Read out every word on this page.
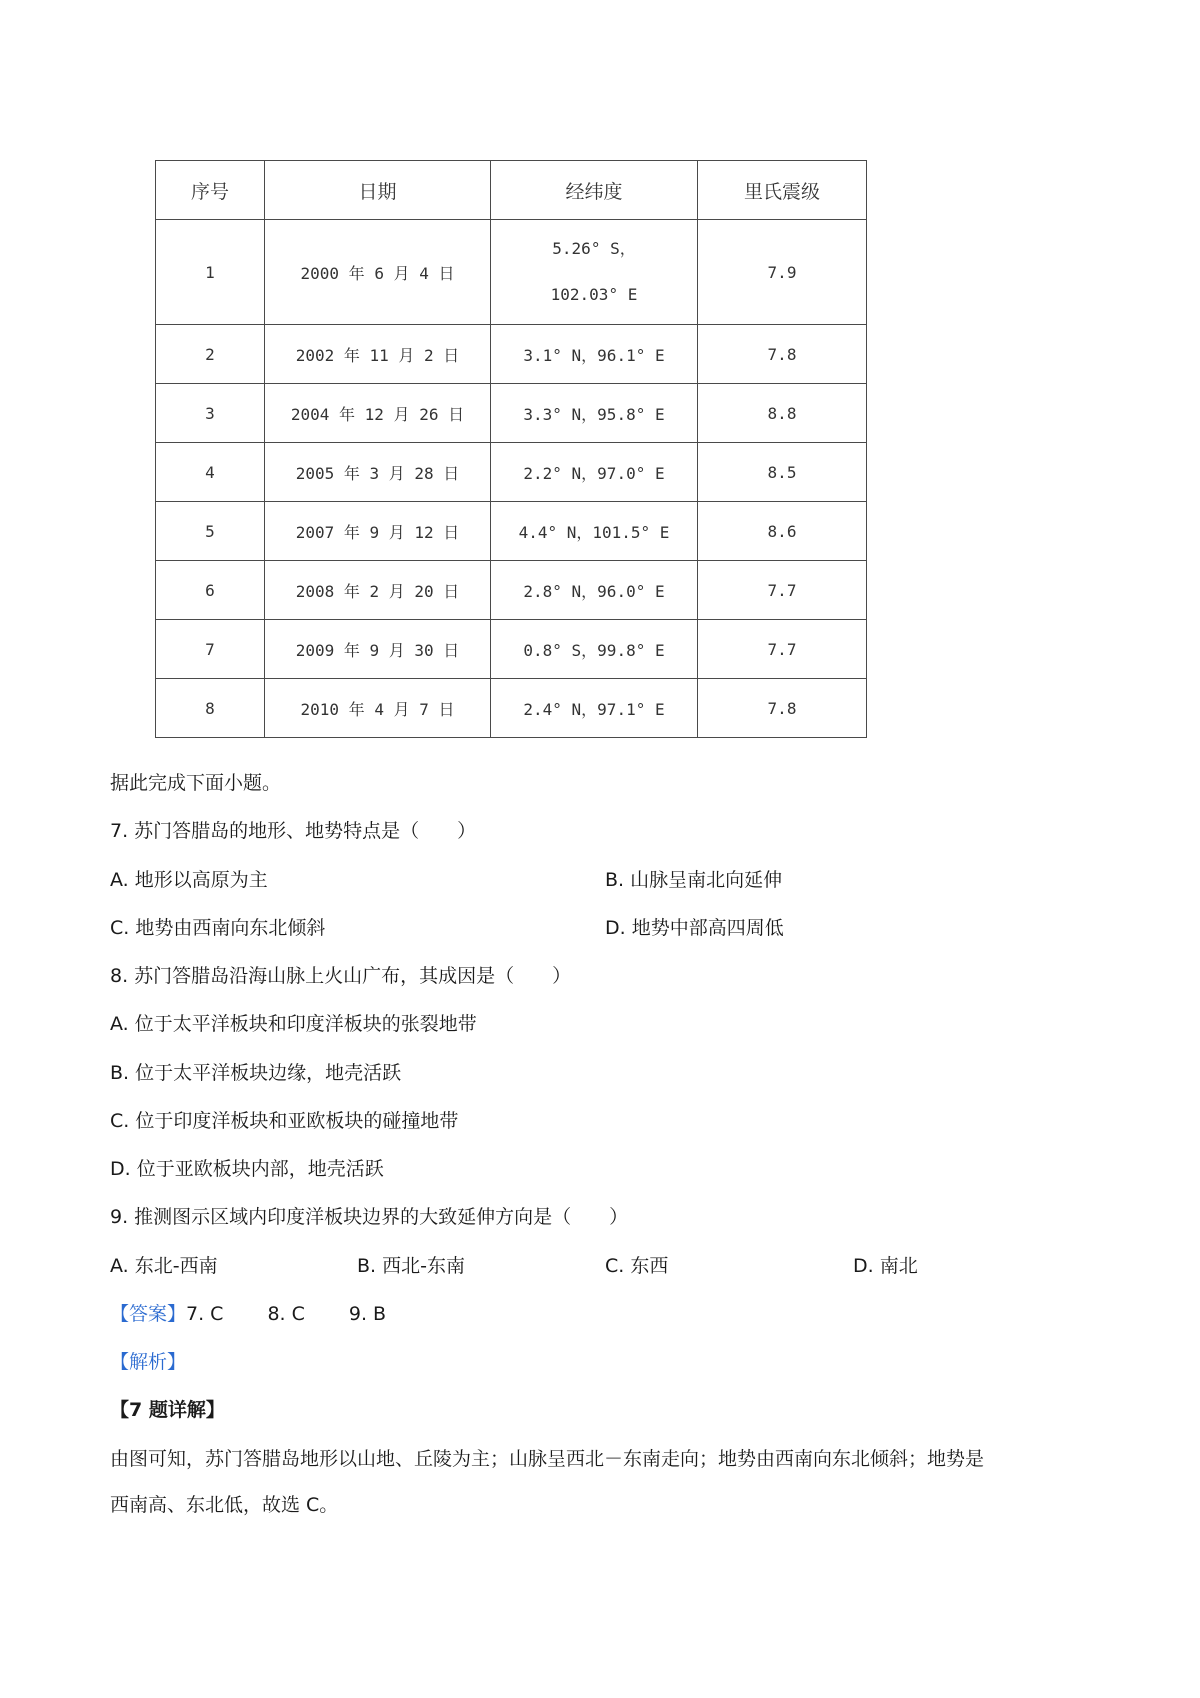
序号	日期	经纬度	里氏震级
1	2000 年 6 月 4 日	5.26° S，
102.03° E	7.9
2	2002 年 11 月 2 日	3.1° N，96.1° E	7.8
3	2004 年 12 月 26 日	3.3° N，95.8° E	8.8
4	2005 年 3 月 28 日	2.2° N，97.0° E	8.5
5	2007 年 9 月 12 日	4.4° N，101.5° E	8.6
6	2008 年 2 月 20 日	2.8° N，96.0° E	7.7
7	2009 年 9 月 30 日	0.8° S，99.8° E	7.7
8	2010 年 4 月 7 日	2.4° N，97.1° E	7.8
据此完成下面小题。
7. 苏门答腊岛的地形、地势特点是（　　）
A. 地形以高原为主	B. 山脉呈南北向延伸
C. 地势由西南向东北倾斜	D. 地势中部高四周低
8. 苏门答腊岛沿海山脉上火山广布，其成因是（　　）
A. 位于太平洋板块和印度洋板块的张裂地带
B. 位于太平洋板块边缘，地壳活跃
C. 位于印度洋板块和亚欧板块的碰撞地带
D. 位于亚欧板块内部，地壳活跃
9. 推测图示区域内印度洋板块边界的大致延伸方向是（　　）
A. 东北-西南	B. 西北-东南	C. 东西	D. 南北
【答案】7. C 8. C 9. B
【解析】
【7 题详解】
由图可知，苏门答腊岛地形以山地、丘陵为主；山脉呈西北－东南走向；地势由西南向东北倾斜；地势是
西南高、东北低，故选 C。
